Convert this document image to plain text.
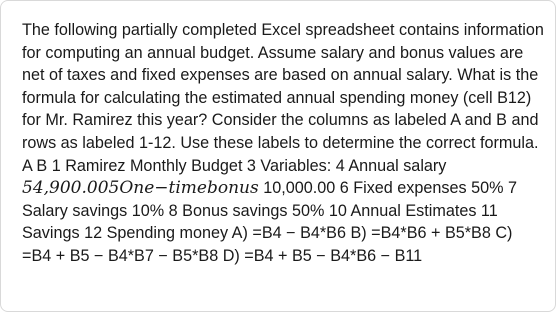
The following partially completed Excel spreadsheet contains information for computing an annual budget. Assume salary and bonus values are net of taxes and fixed expenses are based on annual salary. What is the formula for calculating the estimated annual spending money (cell B12) for Mr. Ramirez this year? Consider the columns as labeled A and B and rows as labeled 1-12. Use these labels to determine the correct formula. A B 1 Ramirez Monthly Budget 3 Variables: 4 Annual salary 54,900.005One−timebonus 10,000.00 6 Fixed expenses 50% 7 Salary savings 10% 8 Bonus savings 50% 10 Annual Estimates 11 Savings 12 Spending money A) =B4 − B4*B6 B) =B4*B6 + B5*B8 C) =B4 + B5 − B4*B7 − B5*B8 D) =B4 + B5 − B4*B6 − B11
